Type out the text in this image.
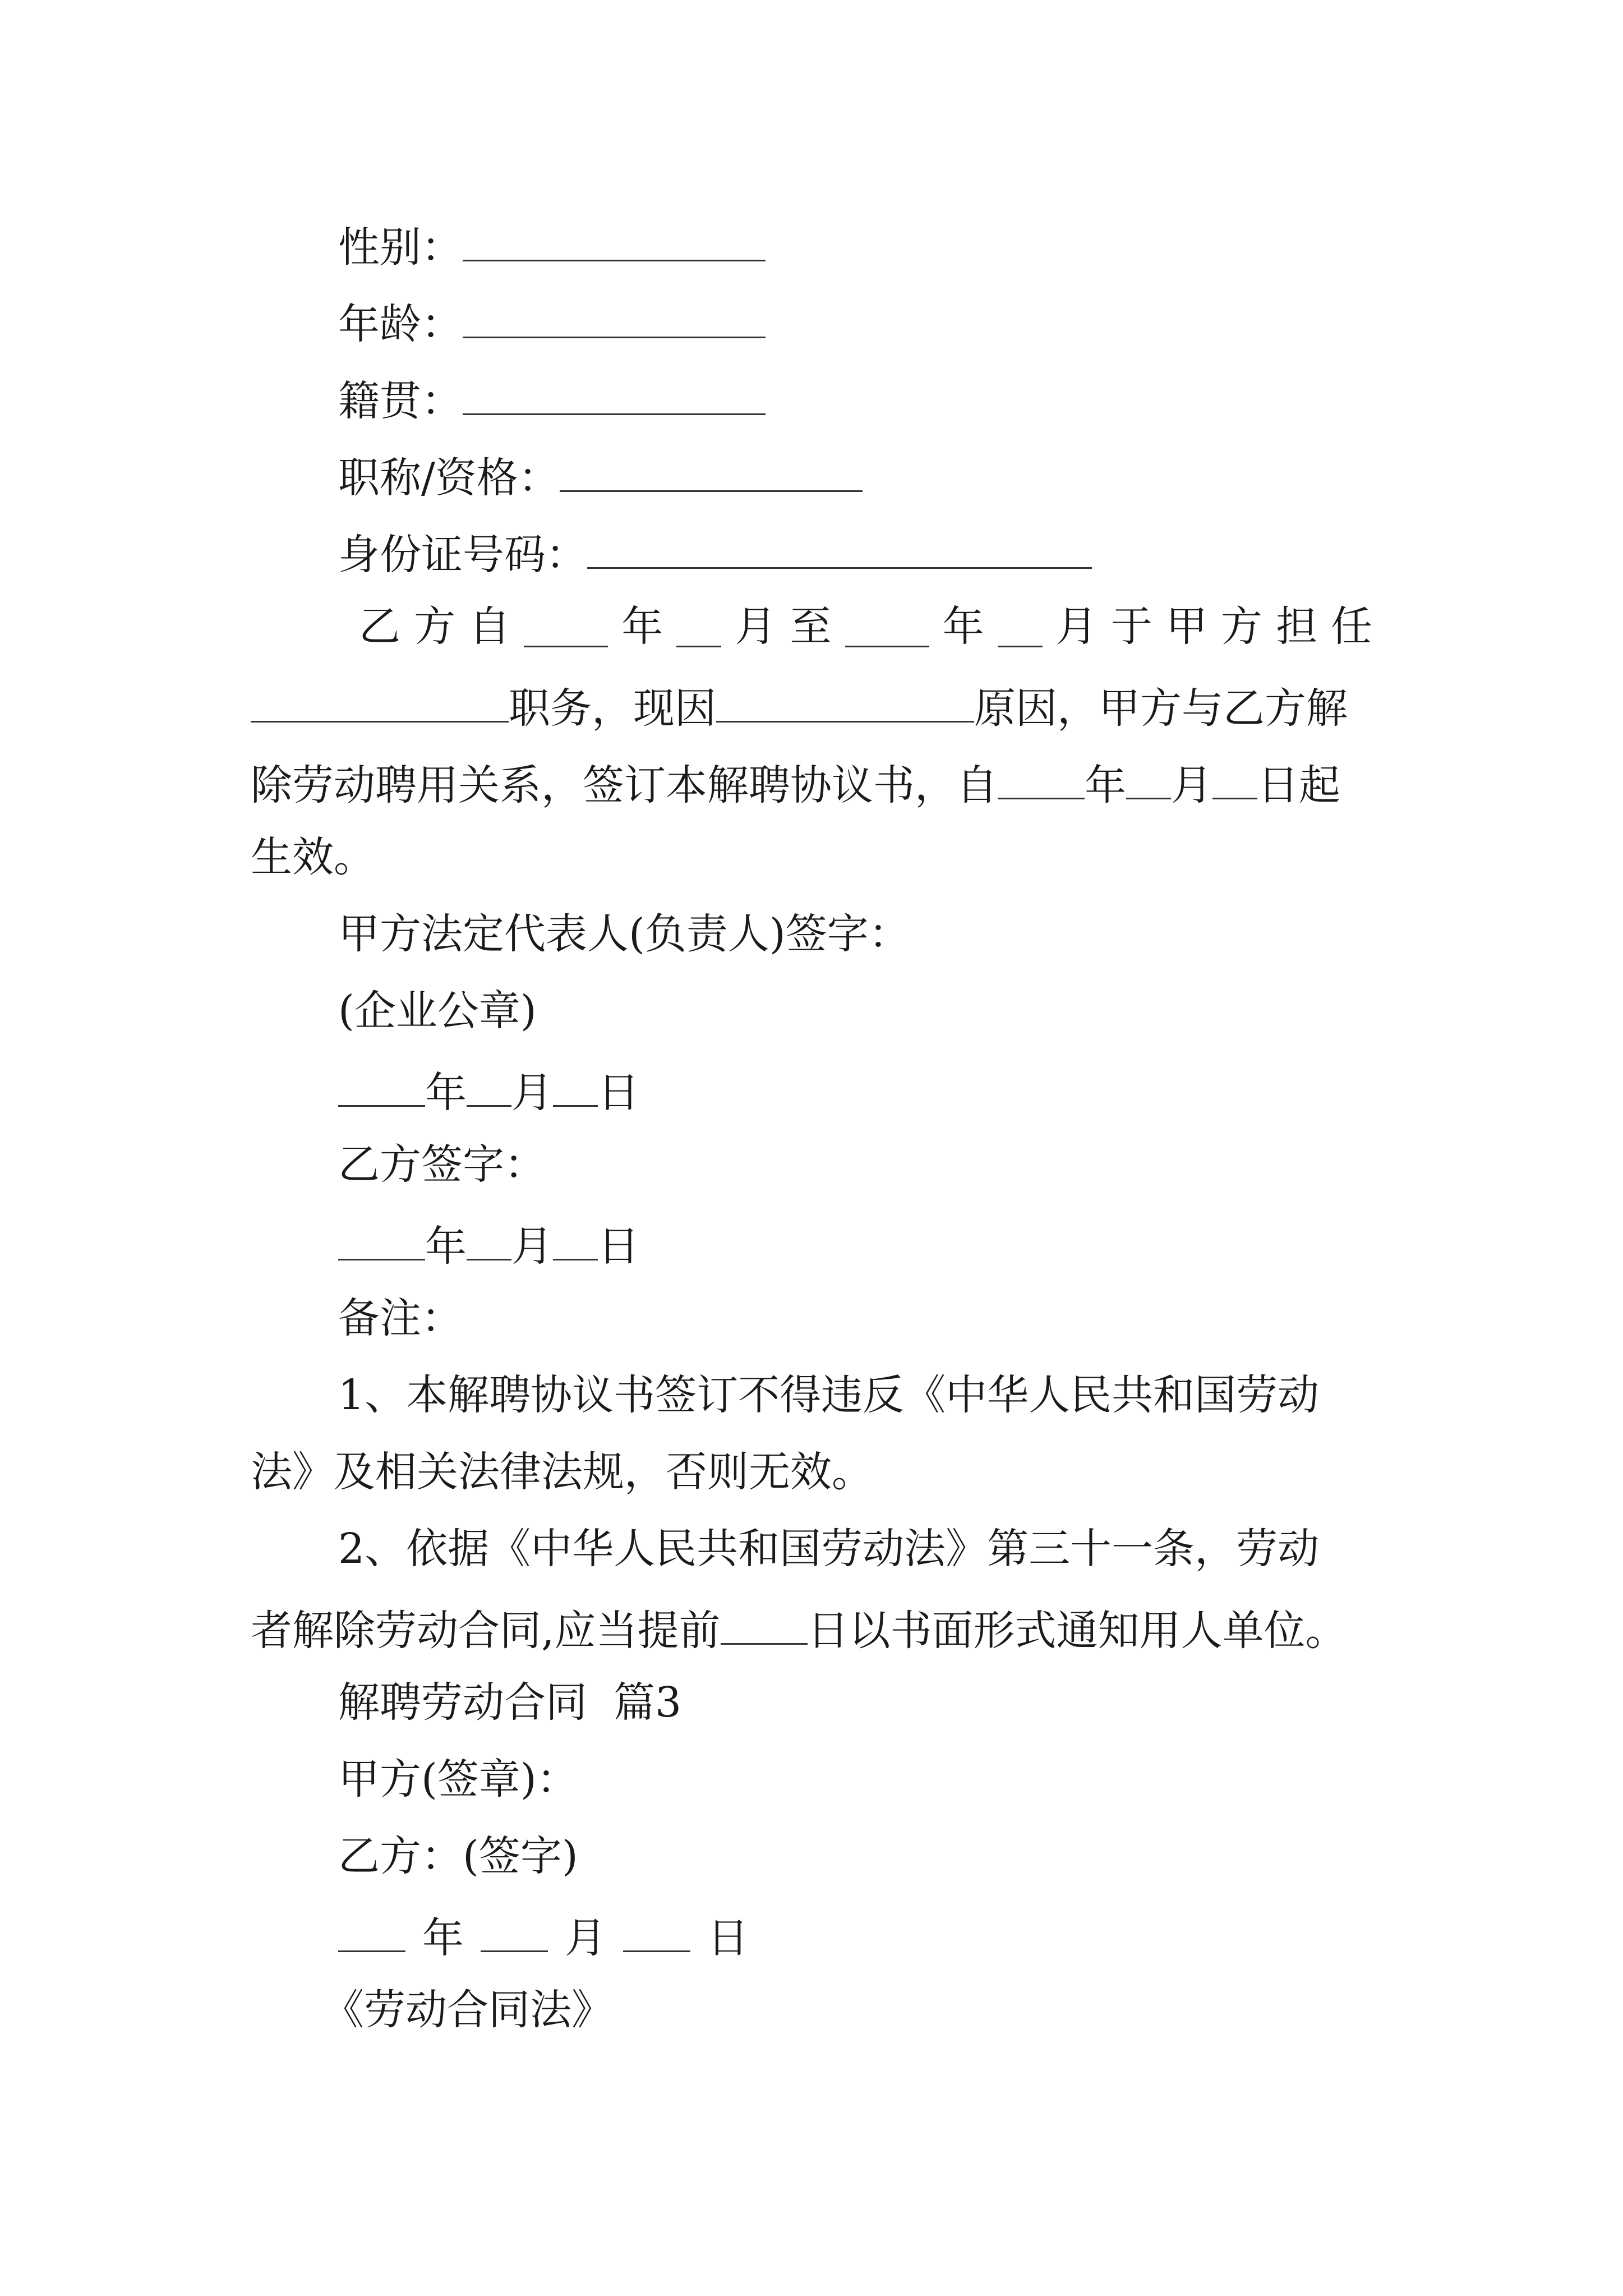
性别：
年龄：
籍贯：
职称/资格：
身份证号码：
乙 方 自	年 月 至	年 月 于 甲 方 担 任
职务，现因	原因，甲方与乙方解
除劳动聘用关系，签订本解聘协议书，自 年 月 日起
生效。
甲方法定代表人(负责人)签字：
(企业公章)
年 月 日
乙方签字：
年 月 日
备注：
1、本解聘协议书签订不得违反《中华人民共和国劳动
法》及相关法律法规，否则无效。
2、依据《中华人民共和国劳动法》第三十一条，劳动
者解除劳动合同,应当提前 日以书面形式通知用人单位。
解聘劳动合同  篇3
甲方(签章)：
乙方：(签字)
年 月 日
《劳动合同法》
